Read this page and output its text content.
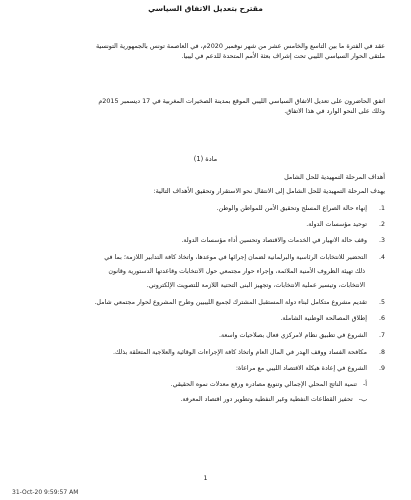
مقترح بتعديل الاتفاق السياسي
عقد في الفترة ما بين التاسع والخامس عشر من شهر نوفمبر 2020م، في العاصمة تونس بالجمهورية التونسية
ملتقى الحوار السياسي الليبي تحت إشراف بعثة الأمم المتحدة للدعم في ليبيا.
اتفق الحاضرون على تعديل الاتفاق السياسي الليبي الموقع بمدينة الصخيرات المغربية في 17 ديسمبر 2015م
وذلك على النحو الوارد في هذا الاتفاق.
مادة (1)
أهداف المرحلة التمهيدية للحل الشامل
يهدف المرحلة التمهيدية للحل الشامل إلى الانتقال نحو الاستقرار وتحقيق الأهداف التالية:
1.
إنهاء حالة الصراع المسلح وتحقيق الأمن للمواطن والوطن.
2.
توحيد مؤسسات الدولة.
3.
وقف حالة الانهيار في الخدمات والاقتصاد وتحسين أداء مؤسسات الدولة.
4.
التحضير للانتخابات الرئاسية والبرلمانية لضمان إجرائها في موعدها، واتخاذ كافة التدابير اللازمة؛ بما في
ذلك تهيئة الظروف الأمنية الملائمة، وإجراء حوار مجتمعي حول الانتخابات وقاعدتها الدستورية وقانون
الانتخابات، وتيسير عملية الانتخابات، وتجهيز البنى التحتية اللازمة للتصويت الإلكتروني.
5.
تقديم مشروع متكامل لبناء دولة المستقبل المشترك لجميع الليبيين وطرح المشروع لحوار مجتمعي شامل.
6.
إطلاق المصالحة الوطنية الشاملة.
7.
الشروع في تطبيق نظام لامركزي فعال بصلاحيات واسعة.
8.
مكافحة الفساد ووقف الهدر في المال العام واتخاذ كافة الإجراءات الوقائية والعلاجية المتعلقة بذلك.
9.
الشروع في إعادة هيكلة الاقتصاد الليبي مع مراعاة:
أ-
تنمية الناتج المحلي الإجمالي وتنويع مصادره ورفع معدلات نموه الحقيقي.
ب-
تحفيز القطاعات النفطية وغير النفطية وتطوير دور اقتصاد المعرفة.
1
31-Oct-20 9:59:57 AM
